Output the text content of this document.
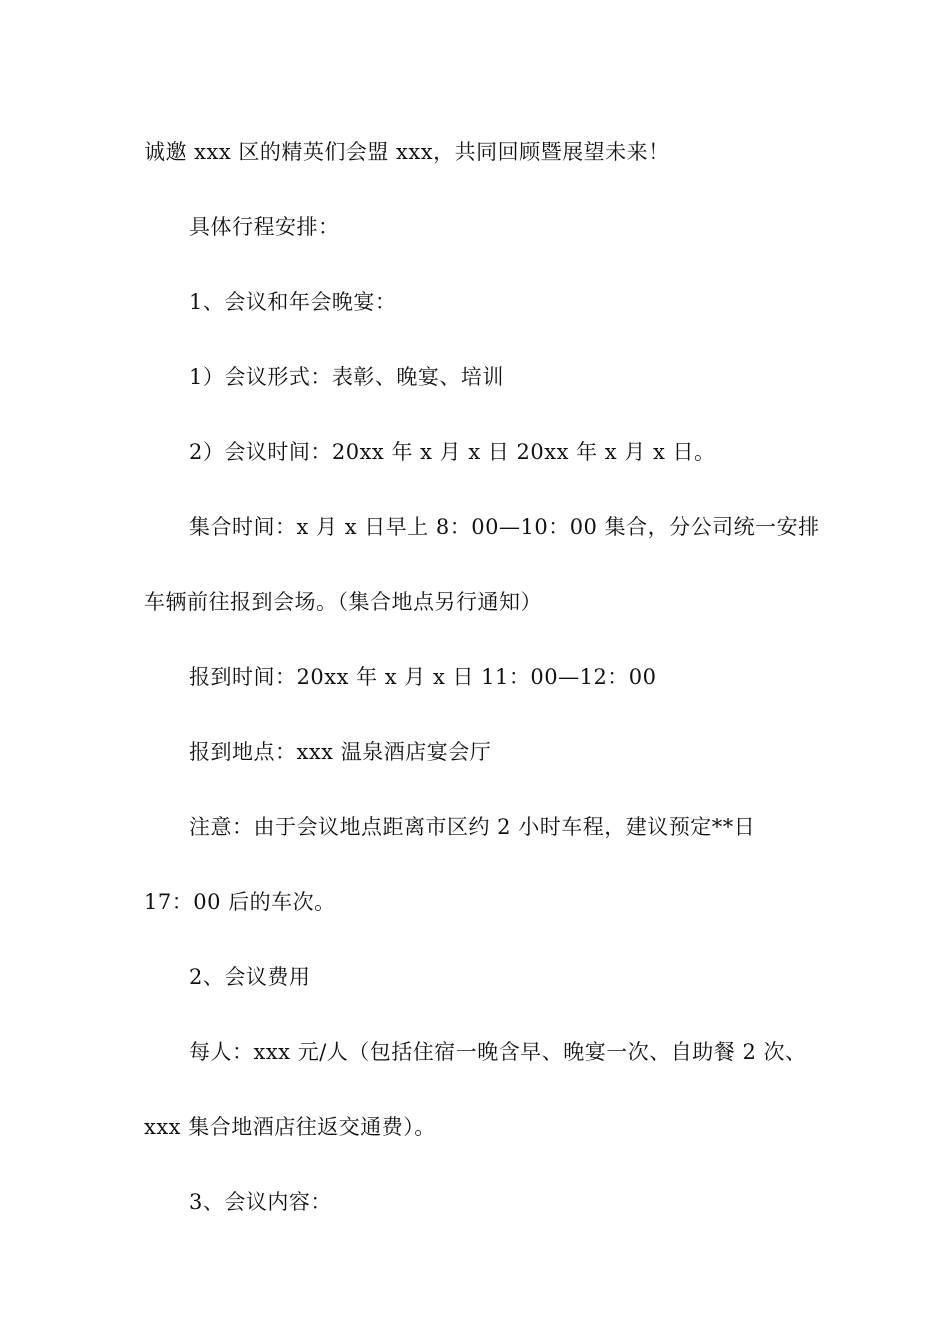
诚邀 xxx 区的精英们会盟 xxx，共同回顾暨展望未来！
具体行程安排：
1、会议和年会晚宴：
1）会议形式：表彰、晚宴、培训
2）会议时间：20xx 年 x 月 x 日 20xx 年 x 月 x 日。
集合时间：x 月 x 日早上 8：00—10：00 集合，分公司统一安排
车辆前往报到会场。（集合地点另行通知）
报到时间：20xx 年 x 月 x 日 11：00—12：00
报到地点：xxx 温泉酒店宴会厅
注意：由于会议地点距离市区约 2 小时车程，建议预定**日
17：00 后的车次。
2、会议费用
每人：xxx 元/人（包括住宿一晚含早、晚宴一次、自助餐 2 次、
xxx 集合地酒店往返交通费）。
3、会议内容：
